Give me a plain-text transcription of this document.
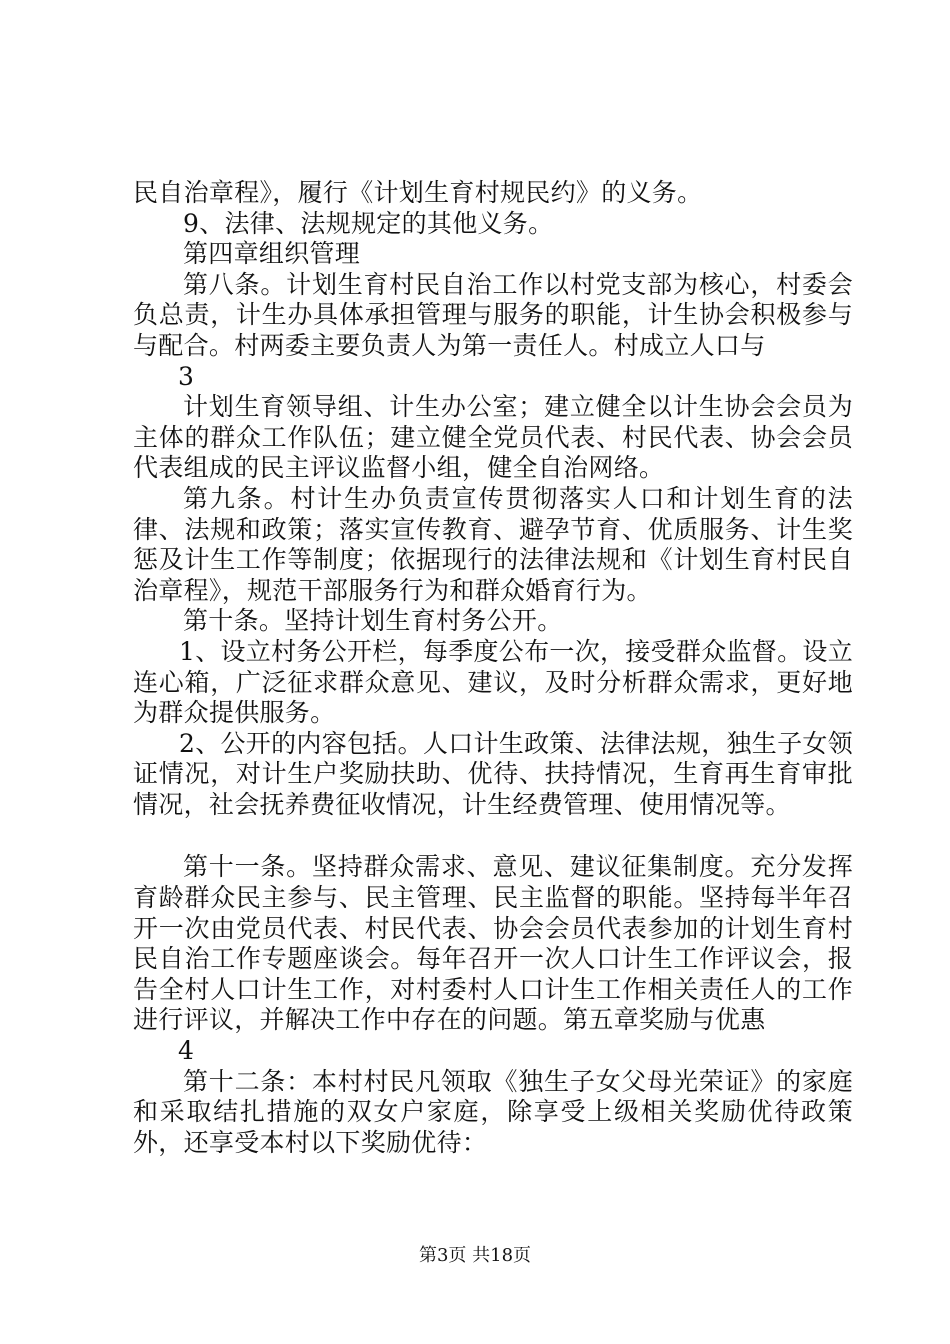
民自治章程》，履行《计划生育村规民约》的义务。

9、法律、法规规定的其他义务。

第四章组织管理

第八条。计划生育村民自治工作以村党支部为核心，村委会负总责，计生办具体承担管理与服务的职能，计生协会积极参与与配合。村两委主要负责人为第一责任人。村成立人口与

3

计划生育领导组、计生办公室；建立健全以计生协会会员为主体的群众工作队伍；建立健全党员代表、村民代表、协会会员代表组成的民主评议监督小组，健全自治网络。

第九条。村计生办负责宣传贯彻落实人口和计划生育的法律、法规和政策；落实宣传教育、避孕节育、优质服务、计生奖惩及计生工作等制度；依据现行的法律法规和《计划生育村民自治章程》，规范干部服务行为和群众婚育行为。

第十条。坚持计划生育村务公开。

1、设立村务公开栏，每季度公布一次，接受群众监督。设立连心箱，广泛征求群众意见、建议，及时分析群众需求，更好地为群众提供服务。

2、公开的内容包括。人口计生政策、法律法规，独生子女领证情况，对计生户奖励扶助、优待、扶持情况，生育再生育审批情况，社会抚养费征收情况，计生经费管理、使用情况等。

第十一条。坚持群众需求、意见、建议征集制度。充分发挥育龄群众民主参与、民主管理、民主监督的职能。坚持每半年召开一次由党员代表、村民代表、协会会员代表参加的计划生育村民自治工作专题座谈会。每年召开一次人口计生工作评议会，报告全村人口计生工作，对村委村人口计生工作相关责任人的工作进行评议，并解决工作中存在的问题。第五章奖励与优惠

4

第十二条：本村村民凡领取《独生子女父母光荣证》的家庭和采取结扎措施的双女户家庭，除享受上级相关奖励优待政策外，还享受本村以下奖励优待：

第3页 共18页
